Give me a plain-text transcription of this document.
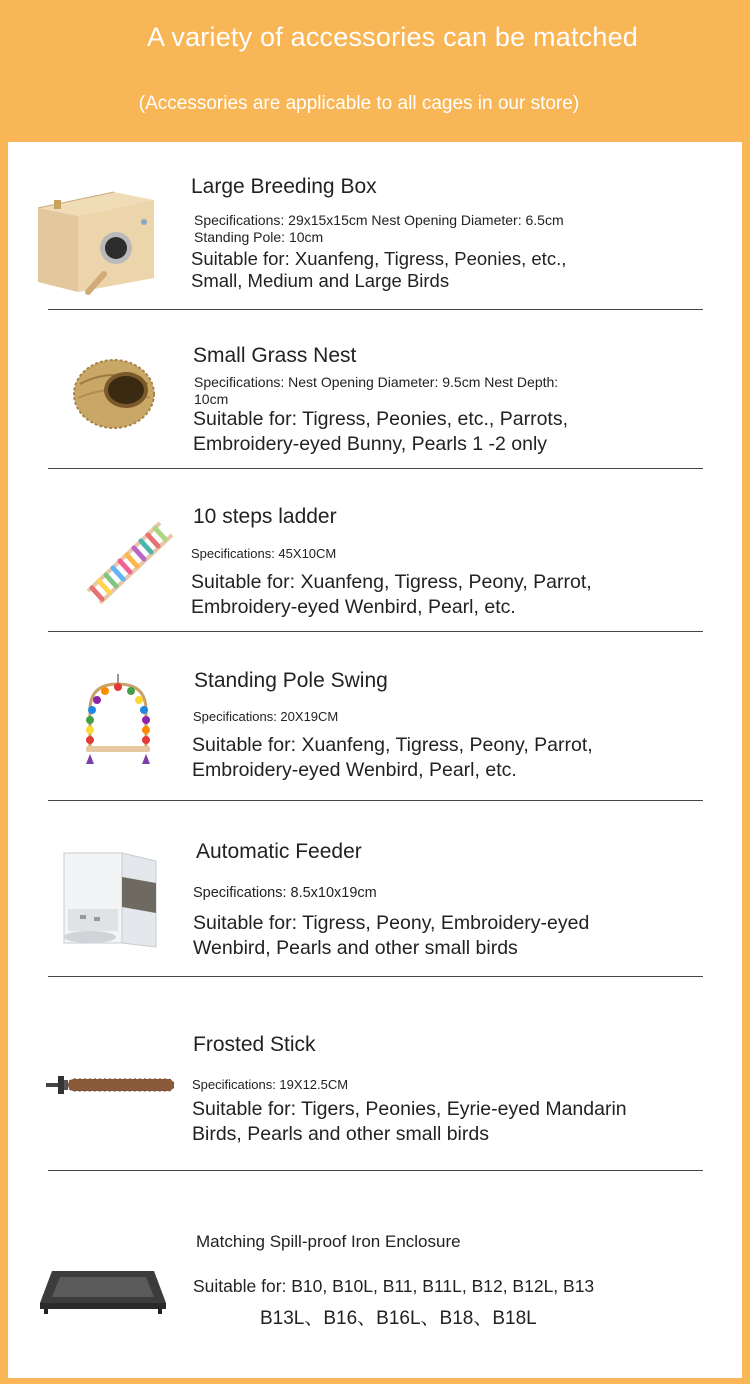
A variety of accessories can be matched
(Accessories are applicable to all cages in our store)
Large Breeding Box
Specifications: 29x15x15cm Nest Opening Diameter: 6.5cm Standing Pole: 10cm
Suitable for: Xuanfeng, Tigress, Peonies, etc., Small, Medium and Large Birds
Small Grass Nest
Specifications: Nest Opening Diameter: 9.5cm Nest Depth: 10cm
Suitable for: Tigress, Peonies, etc., Parrots, Embroidery-eyed Bunny, Pearls 1 -2 only
10 steps ladder
Specifications: 45X10CM
Suitable for: Xuanfeng, Tigress, Peony, Parrot, Embroidery-eyed Wenbird, Pearl, etc.
Standing Pole Swing
Specifications: 20X19CM
Suitable for: Xuanfeng, Tigress, Peony, Parrot, Embroidery-eyed Wenbird, Pearl, etc.
Automatic Feeder
Specifications: 8.5x10x19cm
Suitable for: Tigress, Peony, Embroidery-eyed Wenbird, Pearls and other small birds
Frosted Stick
Specifications: 19X12.5CM
Suitable for: Tigers, Peonies, Eyrie-eyed Mandarin Birds, Pearls and other small birds
Matching Spill-proof Iron Enclosure
Suitable for: B10, B10L, B11, B11L, B12, B12L, B13
B13L、B16、B16L、B18、B18L
